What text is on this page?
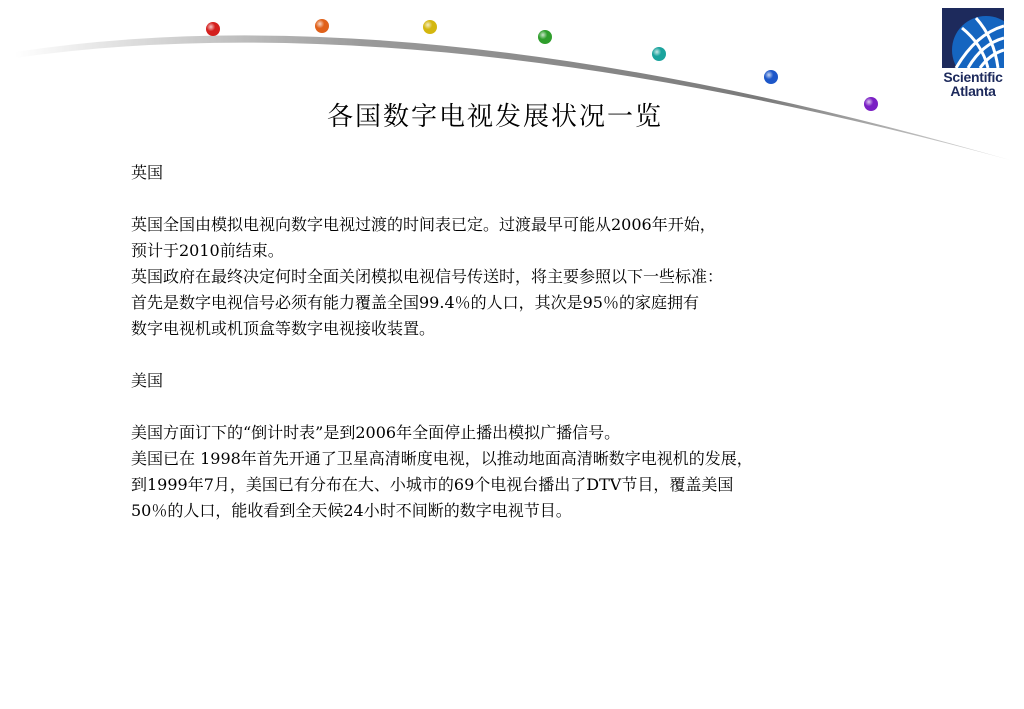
Scientific
Atlanta
各国数字电视发展状况一览

英国

英国全国由模拟电视向数字电视过渡的时间表已定。过渡最早可能从2006年开始，

预计于2010前结束。

英国政府在最终决定何时全面关闭模拟电视信号传送时，将主要参照以下一些标准：

首先是数字电视信号必须有能力覆盖全国99.4％的人口，其次是95％的家庭拥有

数字电视机或机顶盒等数字电视接收装置。

美国

美国方面订下的“倒计时表”是到2006年全面停止播出模拟广播信号。

美国已在 1998年首先开通了卫星高清晰度电视，以推动地面高清晰数字电视机的发展，

到1999年7月，美国已有分布在大、小城市的69个电视台播出了DTV节目，覆盖美国

50％的人口，能收看到全天候24小时不间断的数字电视节目。
